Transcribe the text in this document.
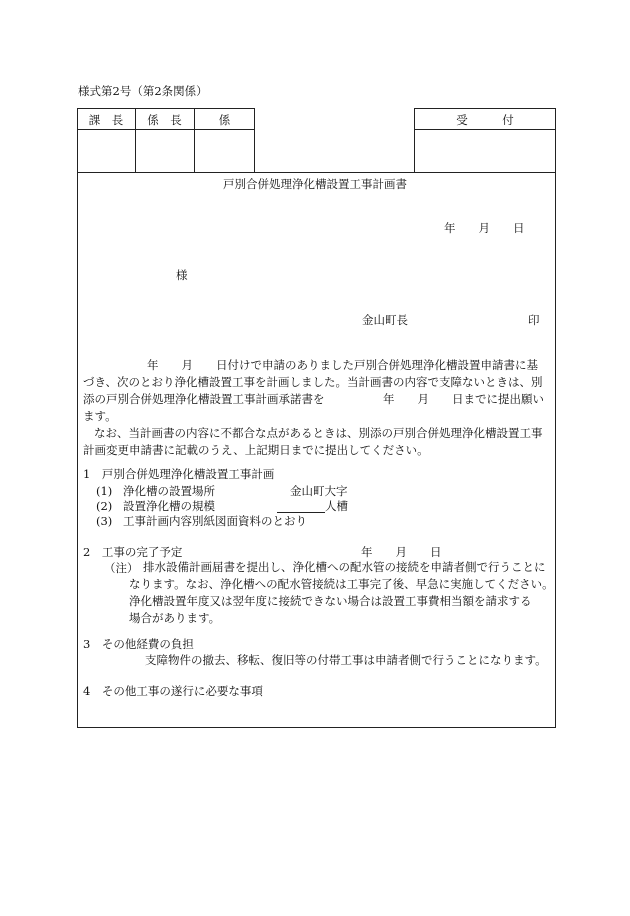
様式第2号（第2条関係）
課　長	係　長	係	受　　　付
戸別合併処理浄化槽設置工事計画書
年　　月　　日
様
金山町長	印
年　　月　　日付けで申請のありました戸別合併処理浄化槽設置申請書に基
づき、次のとおり浄化槽設置工事を計画しました。当計画書の内容で支障ないときは、別
添の戸別合併処理浄化槽設置工事計画承諾書を	年　　月　　日までに提出願い
ます。
なお、当計画書の内容に不都合な点があるときは、別添の戸別合併処理浄化槽設置工事
計画変更申請書に記載のうえ、上記期日までに提出してください。
1　戸別合併処理浄化槽設置工事計画
(1) 浄化槽の設置場所	金山町大字
(2) 設置浄化槽の規模	人槽
(3) 工事計画内容別紙図面資料のとおり
2　工事の完了予定	年　　月　　日
（注） 排水設備計画届書を提出し、浄化槽への配水管の接続を申請者側で行うことに
なります。なお、浄化槽への配水管接続は工事完了後、早急に実施してください。
浄化槽設置年度又は翌年度に接続できない場合は設置工事費相当額を請求する
場合があります。
3　その他経費の負担
支障物件の撤去、移転、復旧等の付帯工事は申請者側で行うことになります。
4　その他工事の遂行に必要な事項
